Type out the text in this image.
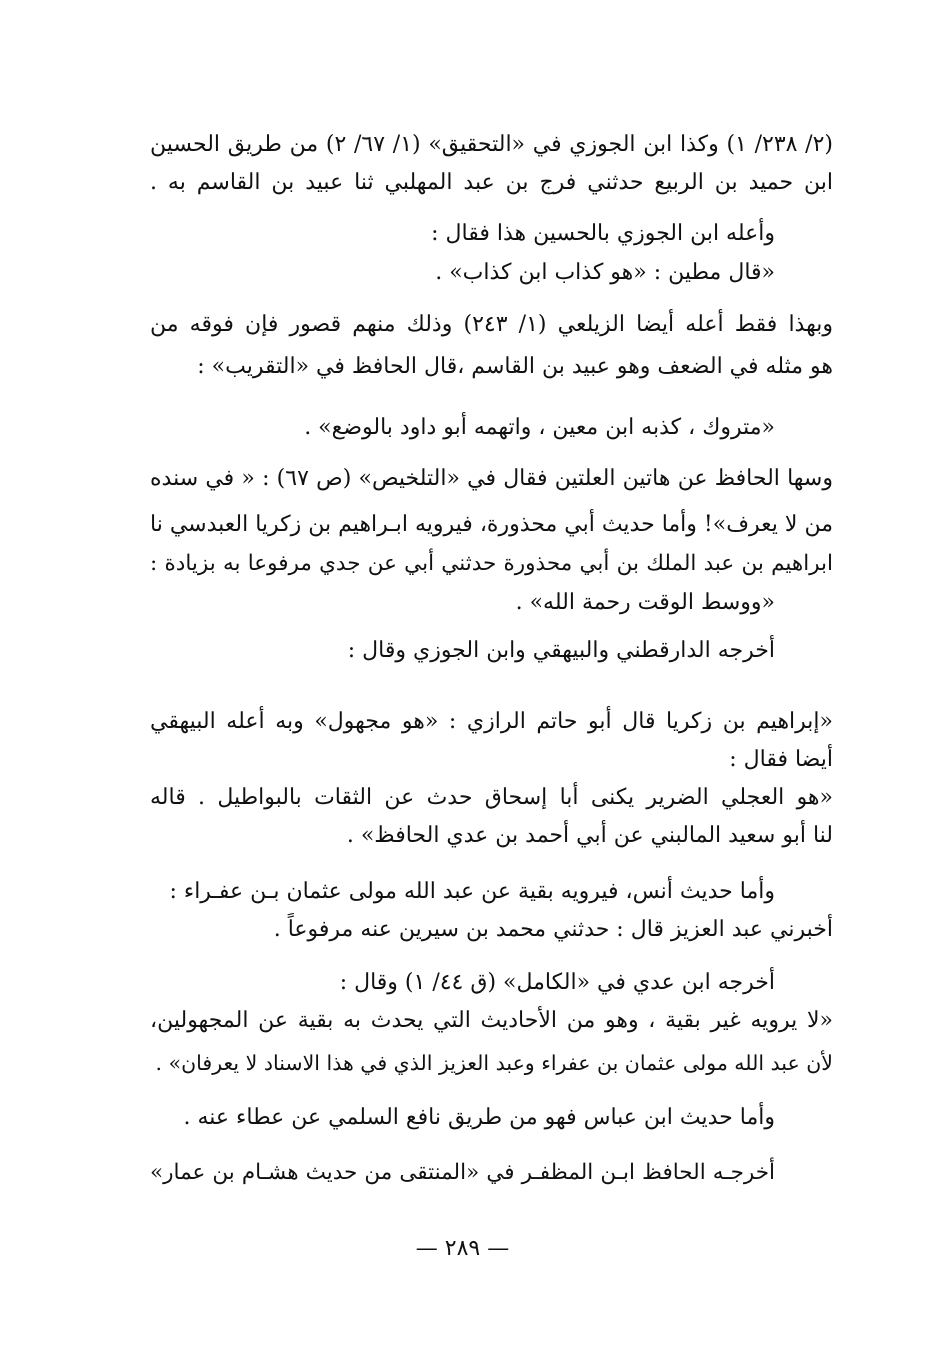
(٢/ ٢٣٨/ ١) وكذا ابن الجوزي في «التحقيق» (١/ ٦٧/ ٢) من طريق الحسين
ابن حميد بن الربيع حدثني فرج بن عبد المهلبي ثنا عبيد بن القاسم به .
وأعله ابن الجوزي بالحسين هذا فقال :
«قال مطين : «هو كذاب ابن كذاب» .
وبهذا فقط أعله أيضا الزيلعي (١/ ٢٤٣) وذلك منهم قصور فإن فوقه من
هو مثله في الضعف وهو عبيد بن القاسم ،قال الحافظ في «التقريب» :
«متروك ، كذبه ابن معين ، واتهمه أبو داود بالوضع» .
وسها الحافظ عن هاتين العلتين فقال في «التلخيص» (ص ٦٧) : « في سنده
من لا يعرف»! وأما حديث أبي محذورة، فيرويه ابـراهيم بن زكريا العبدسي نا
ابراهيم بن عبد الملك بن أبي محذورة حدثني أبي عن جدي مرفوعا به بزيادة :
«ووسط الوقت رحمة الله» .
أخرجه الدارقطني والبيهقي وابن الجوزي وقال :
«إبراهيم بن زكريا قال أبو حاتم الرازي : «هو مجهول» وبه أعله البيهقي
أيضا فقال :
«هو العجلي الضرير يكنى أبا إسحاق حدث عن الثقات بالبواطيل . قاله
لنا أبو سعيد المالبني عن أبي أحمد بن عدي الحافظ» .
وأما حديث أنس، فيرويه بقية عن عبد الله مولى عثمان بـن عفـراء :
أخبرني عبد العزيز قال : حدثني محمد بن سيرين عنه مرفوعاً .
أخرجه ابن عدي في «الكامل» (ق ٤٤/ ١) وقال :
«لا يرويه غير بقية ، وهو من الأحاديث التي يحدث به بقية عن المجهولين،
لأن عبد الله مولى عثمان بن عفراء وعبد العزيز الذي في هذا الاسناد لا يعرفان» .
وأما حديث ابن عباس فهو من طريق نافع السلمي عن عطاء عنه .
أخرجـه الحافظ ابـن المظفـر في «المنتقى من حديث هشـام بن عمار»
— ٢٨٩ —
